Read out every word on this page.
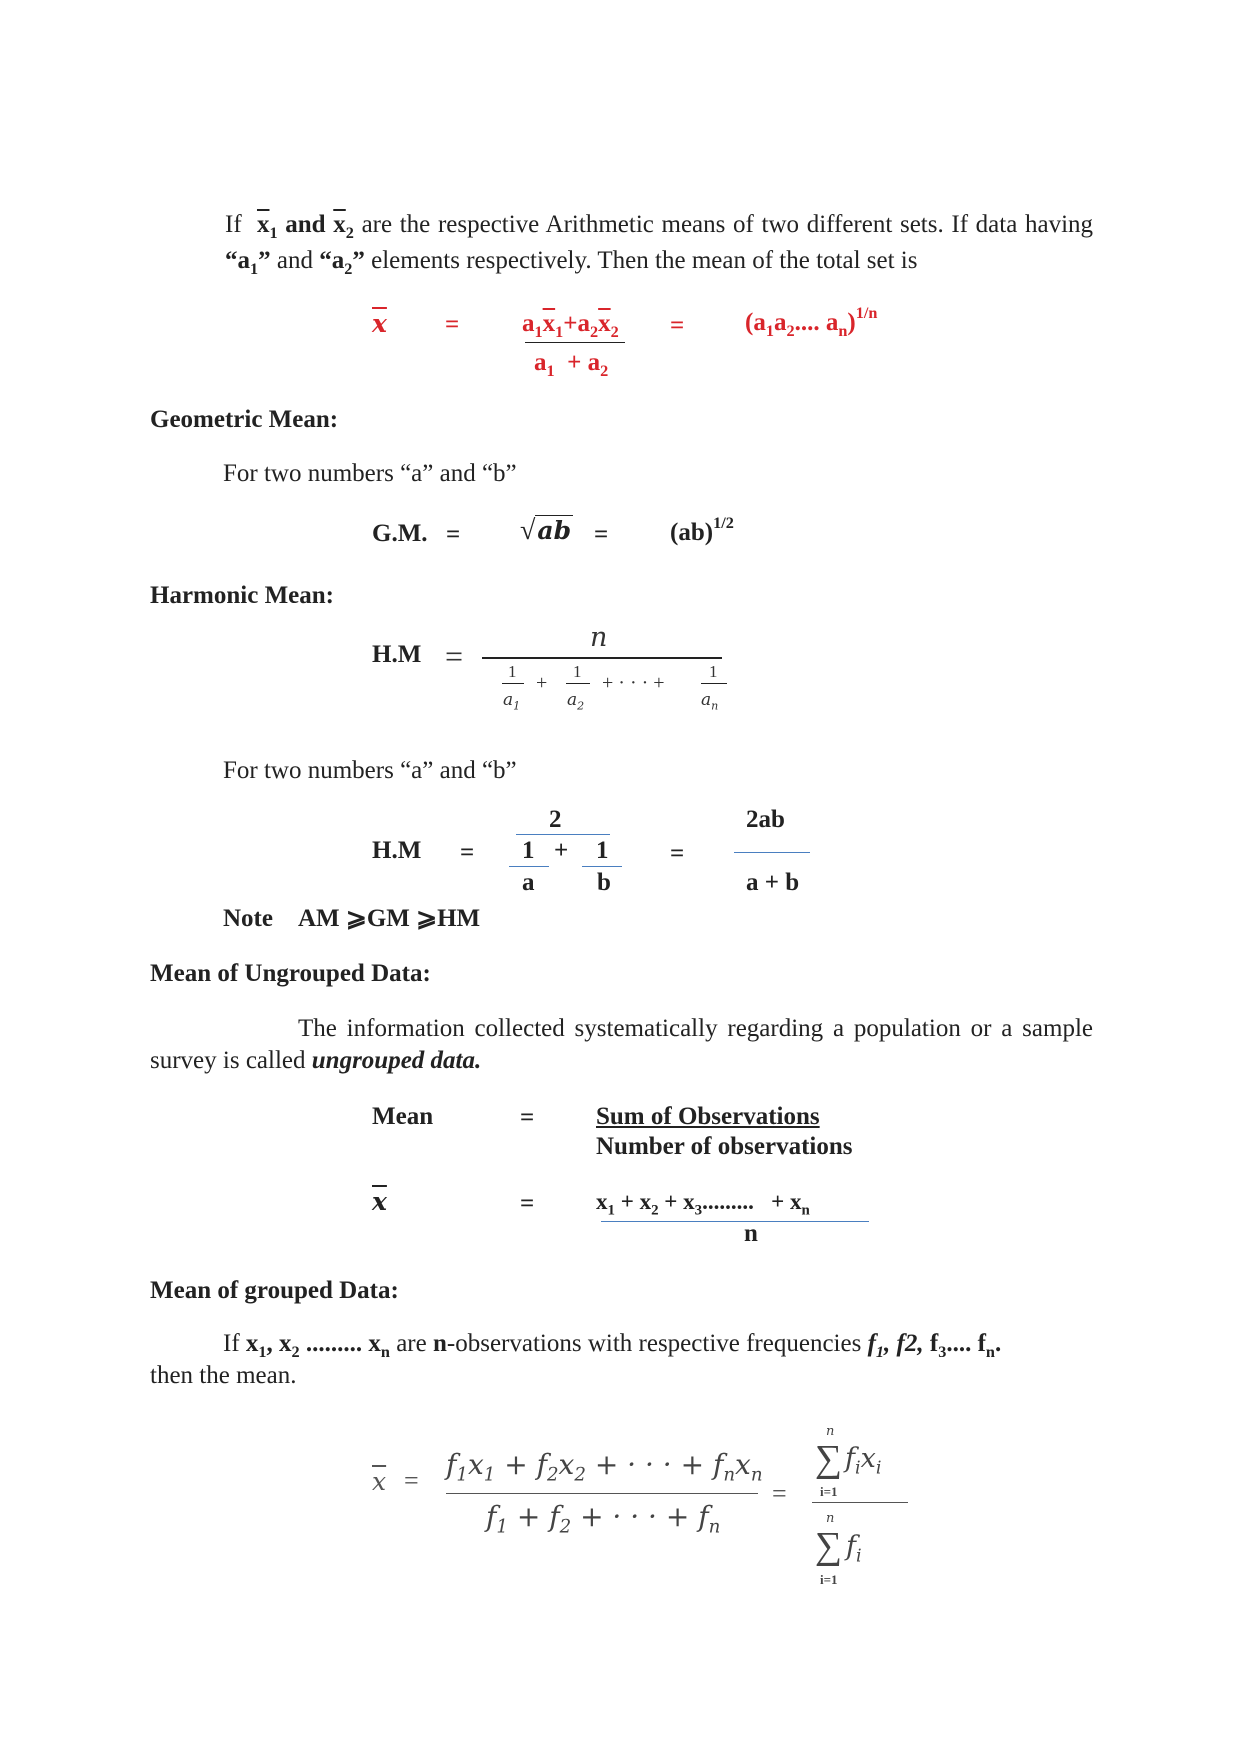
If $\overline{x}_1$ and $\overline{x}_2$ are the respective Arithmetic means of two different sets. If data having “$a_1$” and “$a_2$” elements respectively. Then the mean of the total set is
$\overline{x}$ =	$a_1\overline{x}_1+a_2\overline{x}_2$
$a_1 + a_2$
= ($a_1a_2$.... $a_n)^{1/n}$
Geometric Mean:
For two numbers “a” and “b”
G.M. = √ab = (ab)$^{1/2}$
Harmonic Mean:
H.M =
n
1
$a_1$
+
1
$a_2$
+ · · · +
1
$a_n$
For two numbers “a” and “b”
H.M =
2
1 + 1
a	b
=
2ab
a + b
Note AM ⩾GM ⩾HM
Mean of Ungrouped Data:
The information collected systematically regarding a population or a sample survey is called ungrouped data.
Mean	= Sum of Observations
Number of observations
$\overline{x}$	=	$x_1 + x_2 + x_3$......... + $x_n$
n
Mean of grouped Data:
If $x_1$, $x_2$ ......... $x_n$ are n-observations with respective frequencies $f_1$, f2, $f_3$.... $f_n$.
then the mean.
$\overline{x} = f_1x_1 + f_2x_2$ + · · · + $f_nx_n$
$f_1 + f_2$ + · · · + $f_n$
=
n
∑ $f_ix_i$
i=1
n
∑ $f_i$
i=1
